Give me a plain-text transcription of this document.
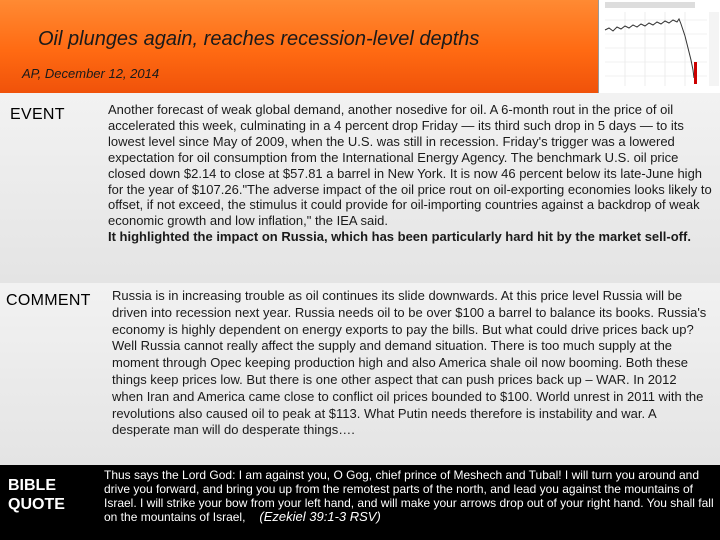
Oil plunges again, reaches recession-level depths
AP, December 12, 2014
EVENT	Another forecast of weak global demand, another nosedive for oil. A 6-month rout in the price of oil accelerated this week, culminating in a 4 percent drop Friday — its third such drop in 5 days — to its lowest level since May of 2009, when the U.S. was still in recession. Friday's trigger was a lowered expectation for oil consumption from the International Energy Agency. The benchmark U.S. oil price closed down $2.14 to close at $57.81 a barrel in New York. It is now 46 percent below its late-June high for the year of $107.26."The adverse impact of the oil price rout on oil-exporting economies looks likely to offset, if not exceed, the stimulus it could provide for oil-importing countries against a backdrop of weak economic growth and low inflation," the IEA said.
It highlighted the impact on Russia, which has been particularly hard hit by the market sell-off.
COMMENT Russia is in increasing trouble as oil continues its slide downwards. At this price level Russia will be driven into recession next year. Russia needs oil to be over $100 a barrel to balance its books. Russia's economy is highly dependent on energy exports to pay the bills. But what could drive prices back up? Well Russia cannot really affect the supply and demand situation. There is too much supply at the moment through Opec keeping production high and also America shale oil now booming. Both these things keep prices low. But there is one other aspect that can push prices back up – WAR. In 2012 when Iran and America came close to conflict oil prices bounded to $100. World unrest in 2011 with the revolutions also caused oil to peak at $113. What Putin needs therefore is instability and war. A desperate man will do desperate things….
BIBLE
QUOTE
Thus says the Lord God: I am against you, O Gog, chief prince of Meshech and Tubal! I will turn you around and drive you forward, and bring you up from the remotest parts of the north, and lead you against the mountains of Israel. I will strike your bow from your left hand, and will make your arrows drop out of your right hand. You shall fall on the mountains of Israel, (Ezekiel 39:1-3 RSV)
